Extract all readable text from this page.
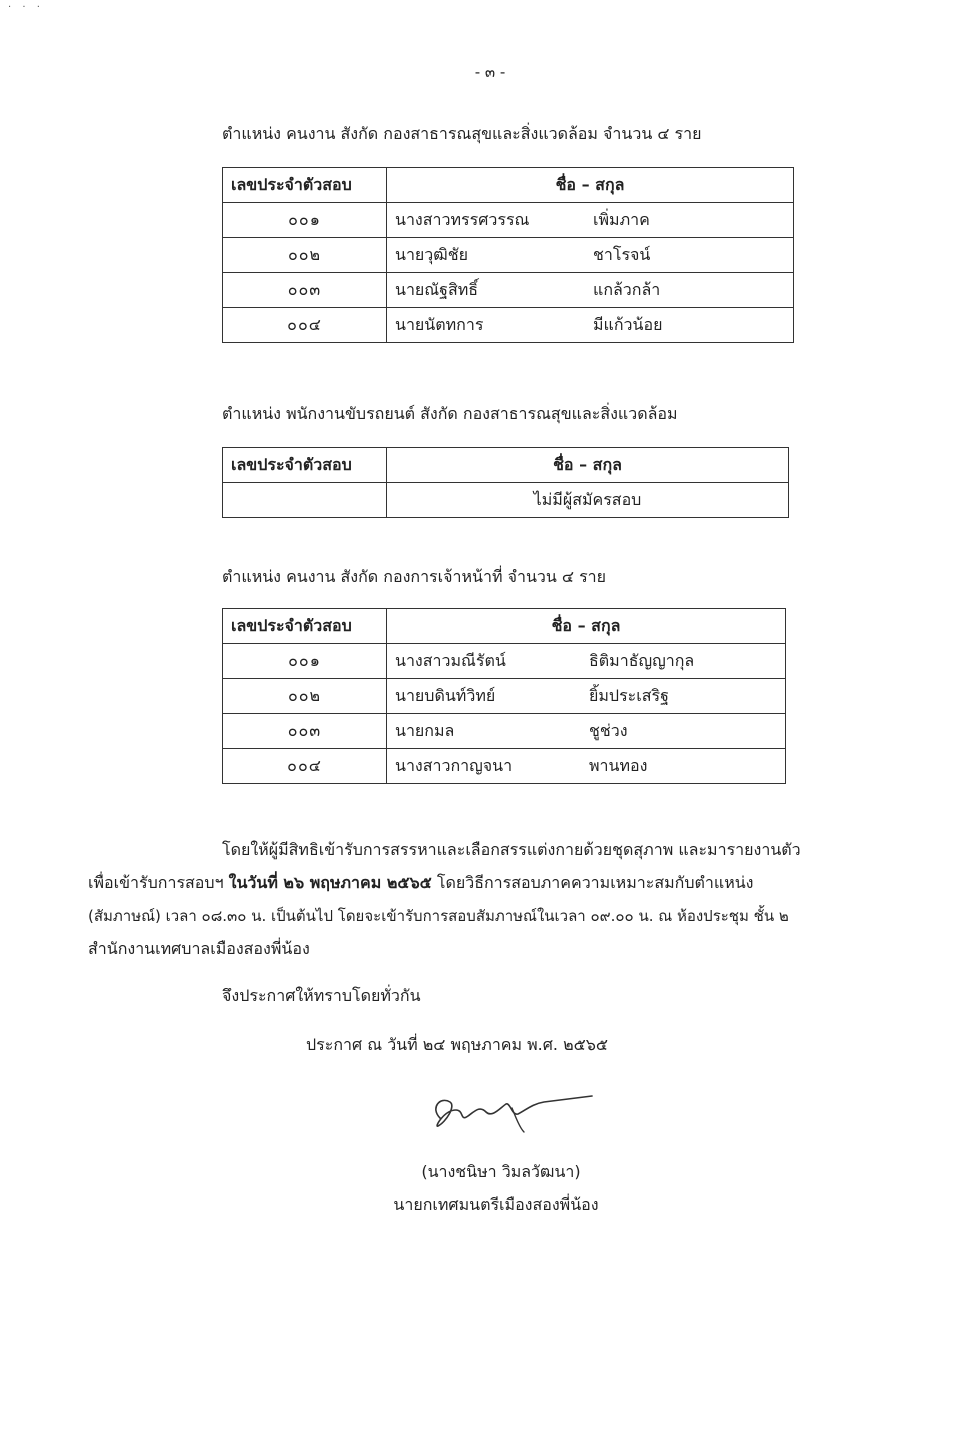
· · ·
- ๓ -
ตำแหน่ง คนงาน สังกัด กองสาธารณสุขและสิ่งแวดล้อม จำนวน ๔ ราย
เลขประจำตัวสอบ	ชื่อ – สกุล
๐๐๑	นางสาวทรรศวรรณ เพิ่มภาค
๐๐๒	นายวุฒิชัย ชาโรจน์
๐๐๓	นายณัฐสิทธิ์ แกล้วกล้า
๐๐๔	นายนัตทการ มีแก้วน้อย
ตำแหน่ง พนักงานขับรถยนต์ สังกัด กองสาธารณสุขและสิ่งแวดล้อม
เลขประจำตัวสอบ	ชื่อ – สกุล
	ไม่มีผู้สมัครสอบ
ตำแหน่ง คนงาน สังกัด กองการเจ้าหน้าที่ จำนวน ๔ ราย
เลขประจำตัวสอบ	ชื่อ – สกุล
๐๐๑	นางสาวมณีรัตน์ ธิติมาธัญญากุล
๐๐๒	นายบดินท์วิทย์ ยิ้มประเสริฐ
๐๐๓	นายกมล ชูช่วง
๐๐๔	นางสาวกาญจนา พานทอง
โดยให้ผู้มีสิทธิเข้ารับการสรรหาและเลือกสรรแต่งกายด้วยชุดสุภาพ และมารายงานตัว
เพื่อเข้ารับการสอบฯ ในวันที่ ๒๖ พฤษภาคม ๒๕๖๕ โดยวิธีการสอบภาคความเหมาะสมกับตำแหน่ง
(สัมภาษณ์) เวลา ๐๘.๓๐ น. เป็นต้นไป โดยจะเข้ารับการสอบสัมภาษณ์ในเวลา ๐๙.๐๐ น. ณ ห้องประชุม ชั้น ๒
สำนักงานเทศบาลเมืองสองพี่น้อง
จึงประกาศให้ทราบโดยทั่วกัน
ประกาศ ณ วันที่ ๒๔ พฤษภาคม พ.ศ. ๒๕๖๕
(นางชนิษา วิมลวัฒนา)
นายกเทศมนตรีเมืองสองพี่น้อง
